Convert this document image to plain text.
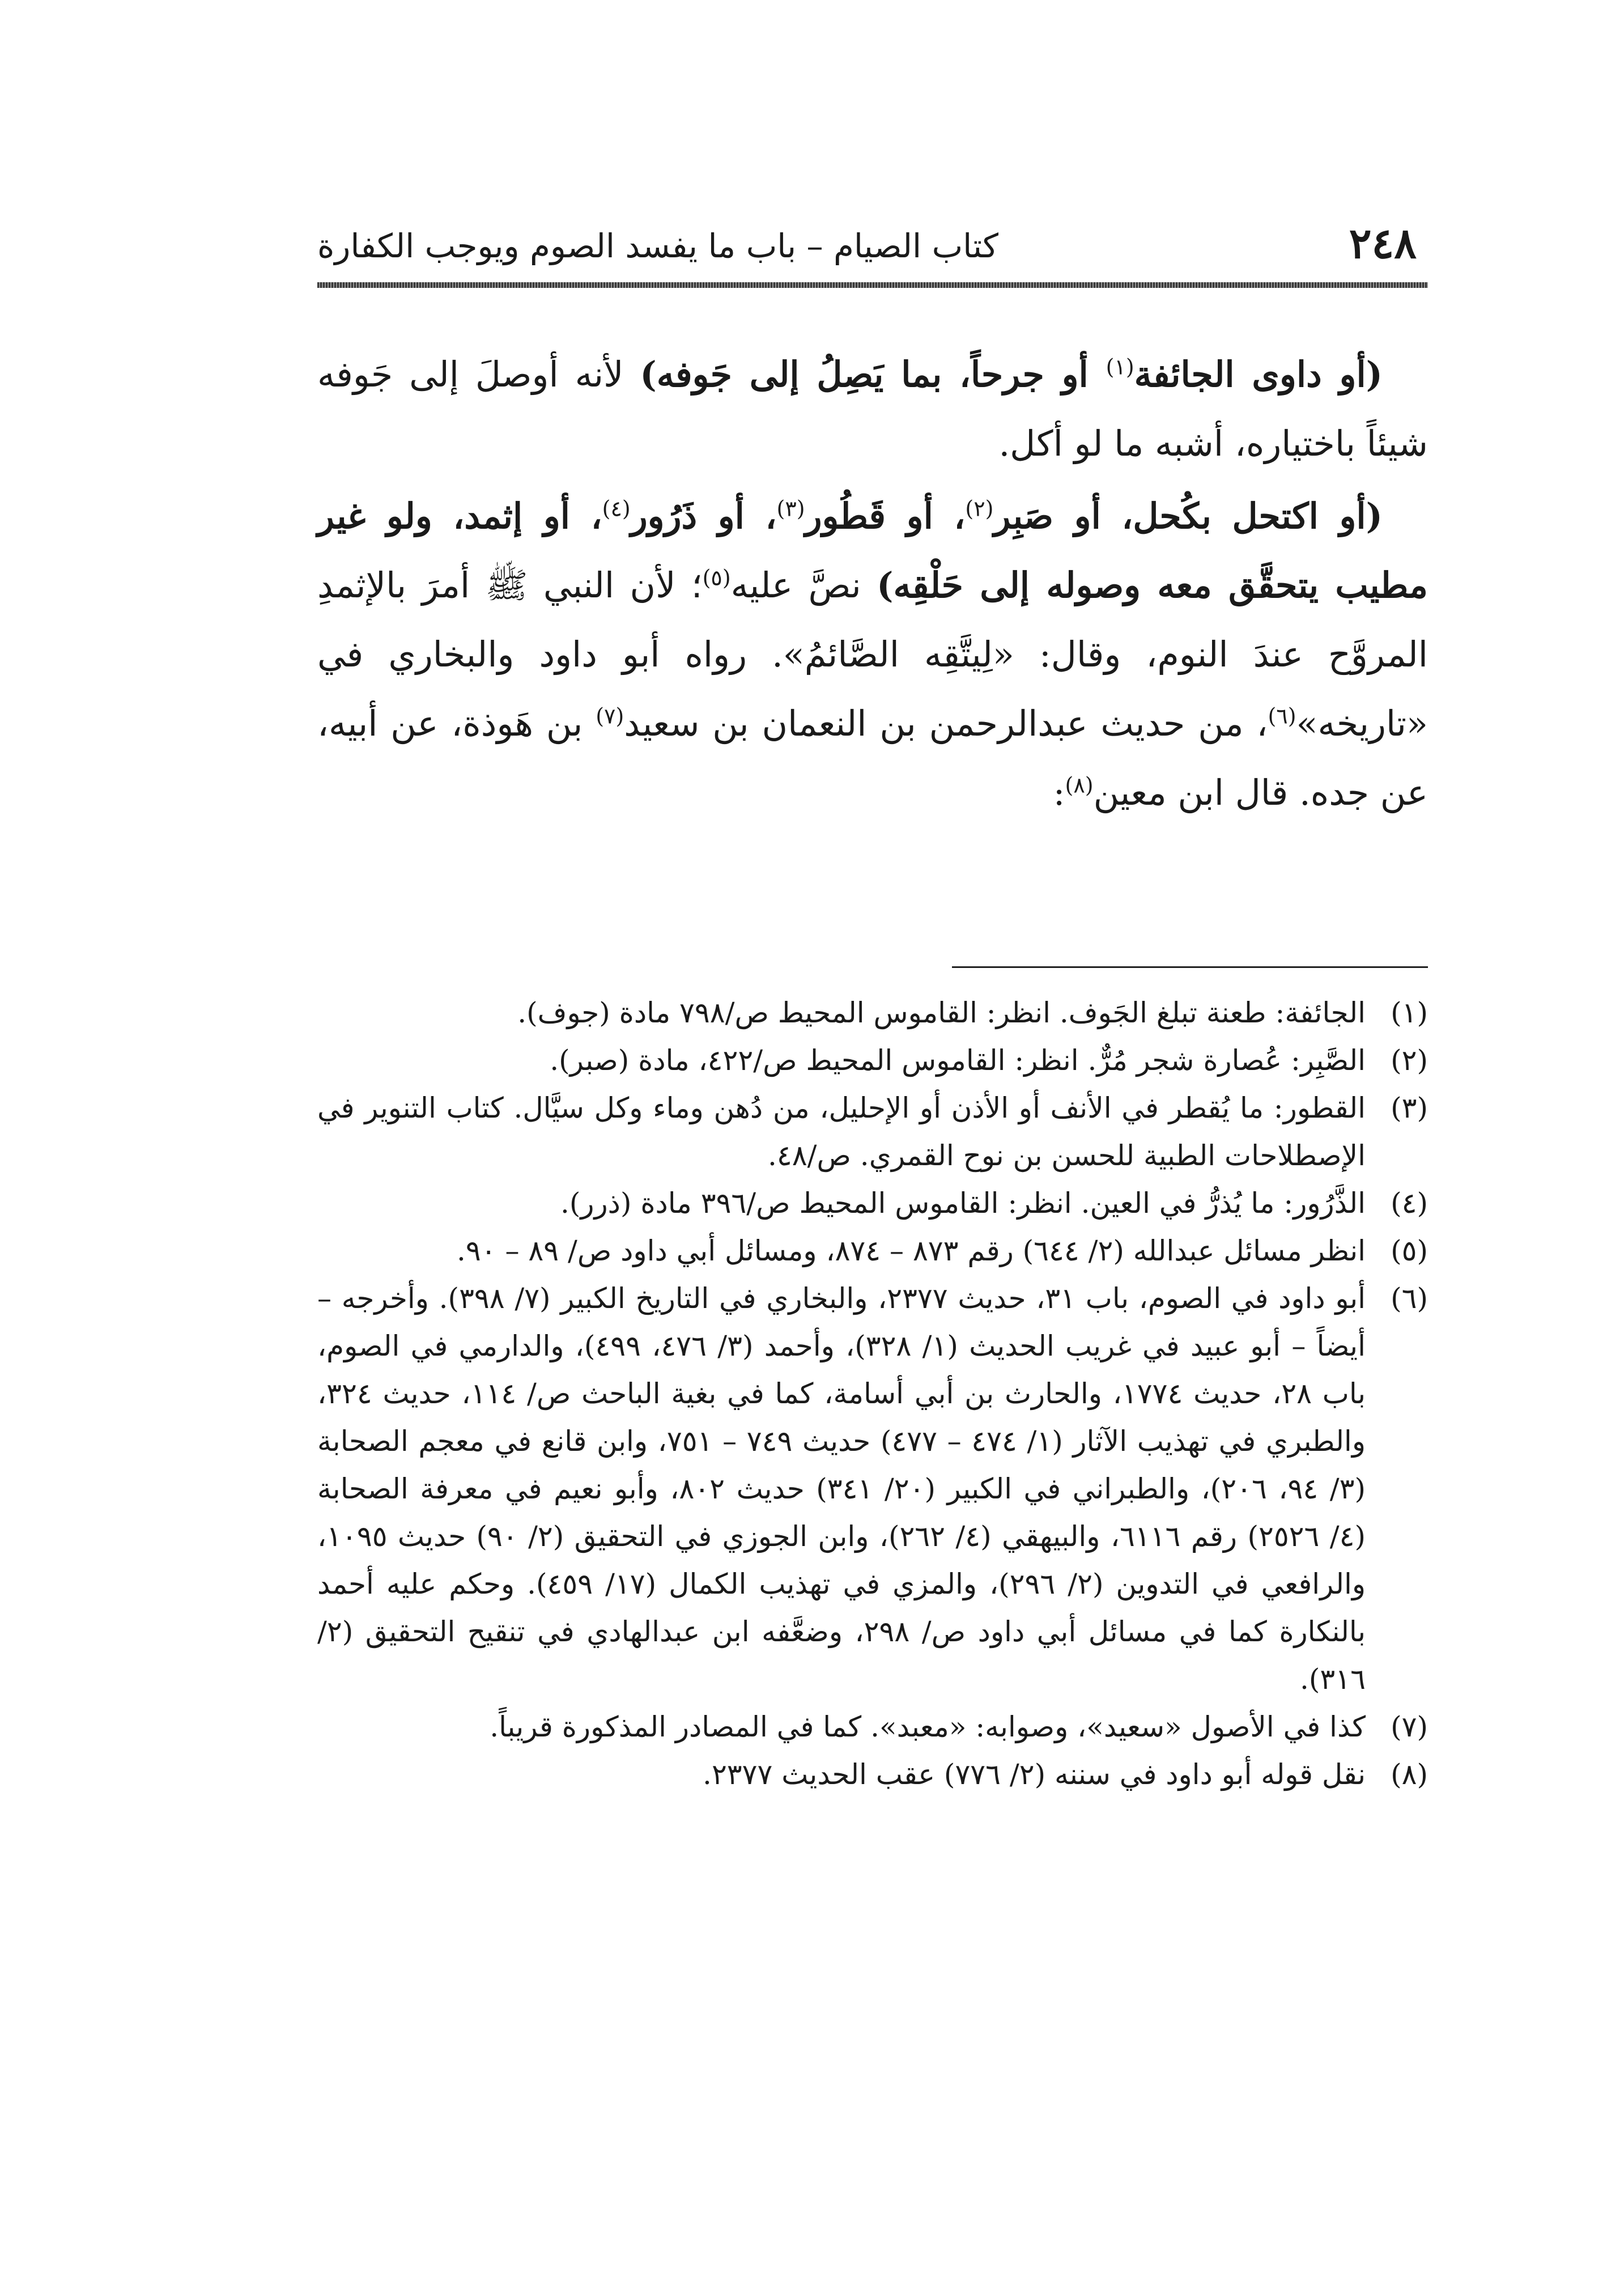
٢٤٨
كتاب الصيام – باب ما يفسد الصوم ويوجب الكفارة

(أو داوى الجائفة$^{(١)}$ أو جرحاً، بما يَصِلُ إلى جَوفه) لأنه أوصلَ إلى جَوفه شيئاً باختياره، أشبه ما لو أكل.

(أو اكتحل بكُحل، أو صَبِر$^{(٢)}$، أو قَطُور$^{(٣)}$، أو ذَرُور$^{(٤)}$، أو إثمد، ولو غير مطيب يتحقَّق معه وصوله إلى حَلْقِه) نصَّ عليه$^{(٥)}$؛ لأن النبي ﷺ أمرَ بالإثمدِ المروَّح عندَ النوم، وقال: «لِيتَّقِه الصَّائمُ». رواه أبو داود والبخاري في «تاريخه»$^{(٦)}$، من حديث عبدالرحمن بن النعمان بن سعيد$^{(٧)}$ بن هَوذة، عن أبيه، عن جده. قال ابن معين$^{(٨)}$:

(١)
الجائفة: طعنة تبلغ الجَوف. انظر: القاموس المحيط ص/٧٩٨ مادة (جوف).
(٢)
الصَّبِر: عُصارة شجر مُرٌّ. انظر: القاموس المحيط ص/٤٢٢، مادة (صبر).
(٣)
القطور: ما يُقطر في الأنف أو الأذن أو الإحليل، من دُهن وماء وكل سيَّال. كتاب التنوير في الإصطلاحات الطبية للحسن بن نوح القمري. ص/٤٨.
(٤)
الذَّرُور: ما يُذرُّ في العين. انظر: القاموس المحيط ص/٣٩٦ مادة (ذرر).
(٥)
انظر مسائل عبدالله (٢/ ٦٤٤) رقم ٨٧٣ – ٨٧٤، ومسائل أبي داود ص/ ٨٩ – ٩٠.
(٦)
أبو داود في الصوم، باب ٣١، حديث ٢٣٧٧، والبخاري في التاريخ الكبير (٧/ ٣٩٨). وأخرجه – أيضاً – أبو عبيد في غريب الحديث (١/ ٣٢٨)، وأحمد (٣/ ٤٧٦، ٤٩٩)، والدارمي في الصوم، باب ٢٨، حديث ١٧٧٤، والحارث بن أبي أسامة، كما في بغية الباحث ص/ ١١٤، حديث ٣٢٤، والطبري في تهذيب الآثار (١/ ٤٧٤ – ٤٧٧) حديث ٧٤٩ – ٧٥١، وابن قانع في معجم الصحابة (٣/ ٩٤، ٢٠٦)، والطبراني في الكبير (٢٠/ ٣٤١) حديث ٨٠٢، وأبو نعيم في معرفة الصحابة (٤/ ٢٥٢٦) رقم ٦١١٦، والبيهقي (٤/ ٢٦٢)، وابن الجوزي في التحقيق (٢/ ٩٠) حديث ١٠٩٥، والرافعي في التدوين (٢/ ٢٩٦)، والمزي في تهذيب الكمال (١٧/ ٤٥٩). وحكم عليه أحمد بالنكارة كما في مسائل أبي داود ص/ ٢٩٨، وضعَّفه ابن عبدالهادي في تنقيح التحقيق (٢/ ٣١٦).
(٧)
كذا في الأصول «سعيد»، وصوابه: «معبد». كما في المصادر المذكورة قريباً.
(٨)
نقل قوله أبو داود في سننه (٢/ ٧٧٦) عقب الحديث ٢٣٧٧.
